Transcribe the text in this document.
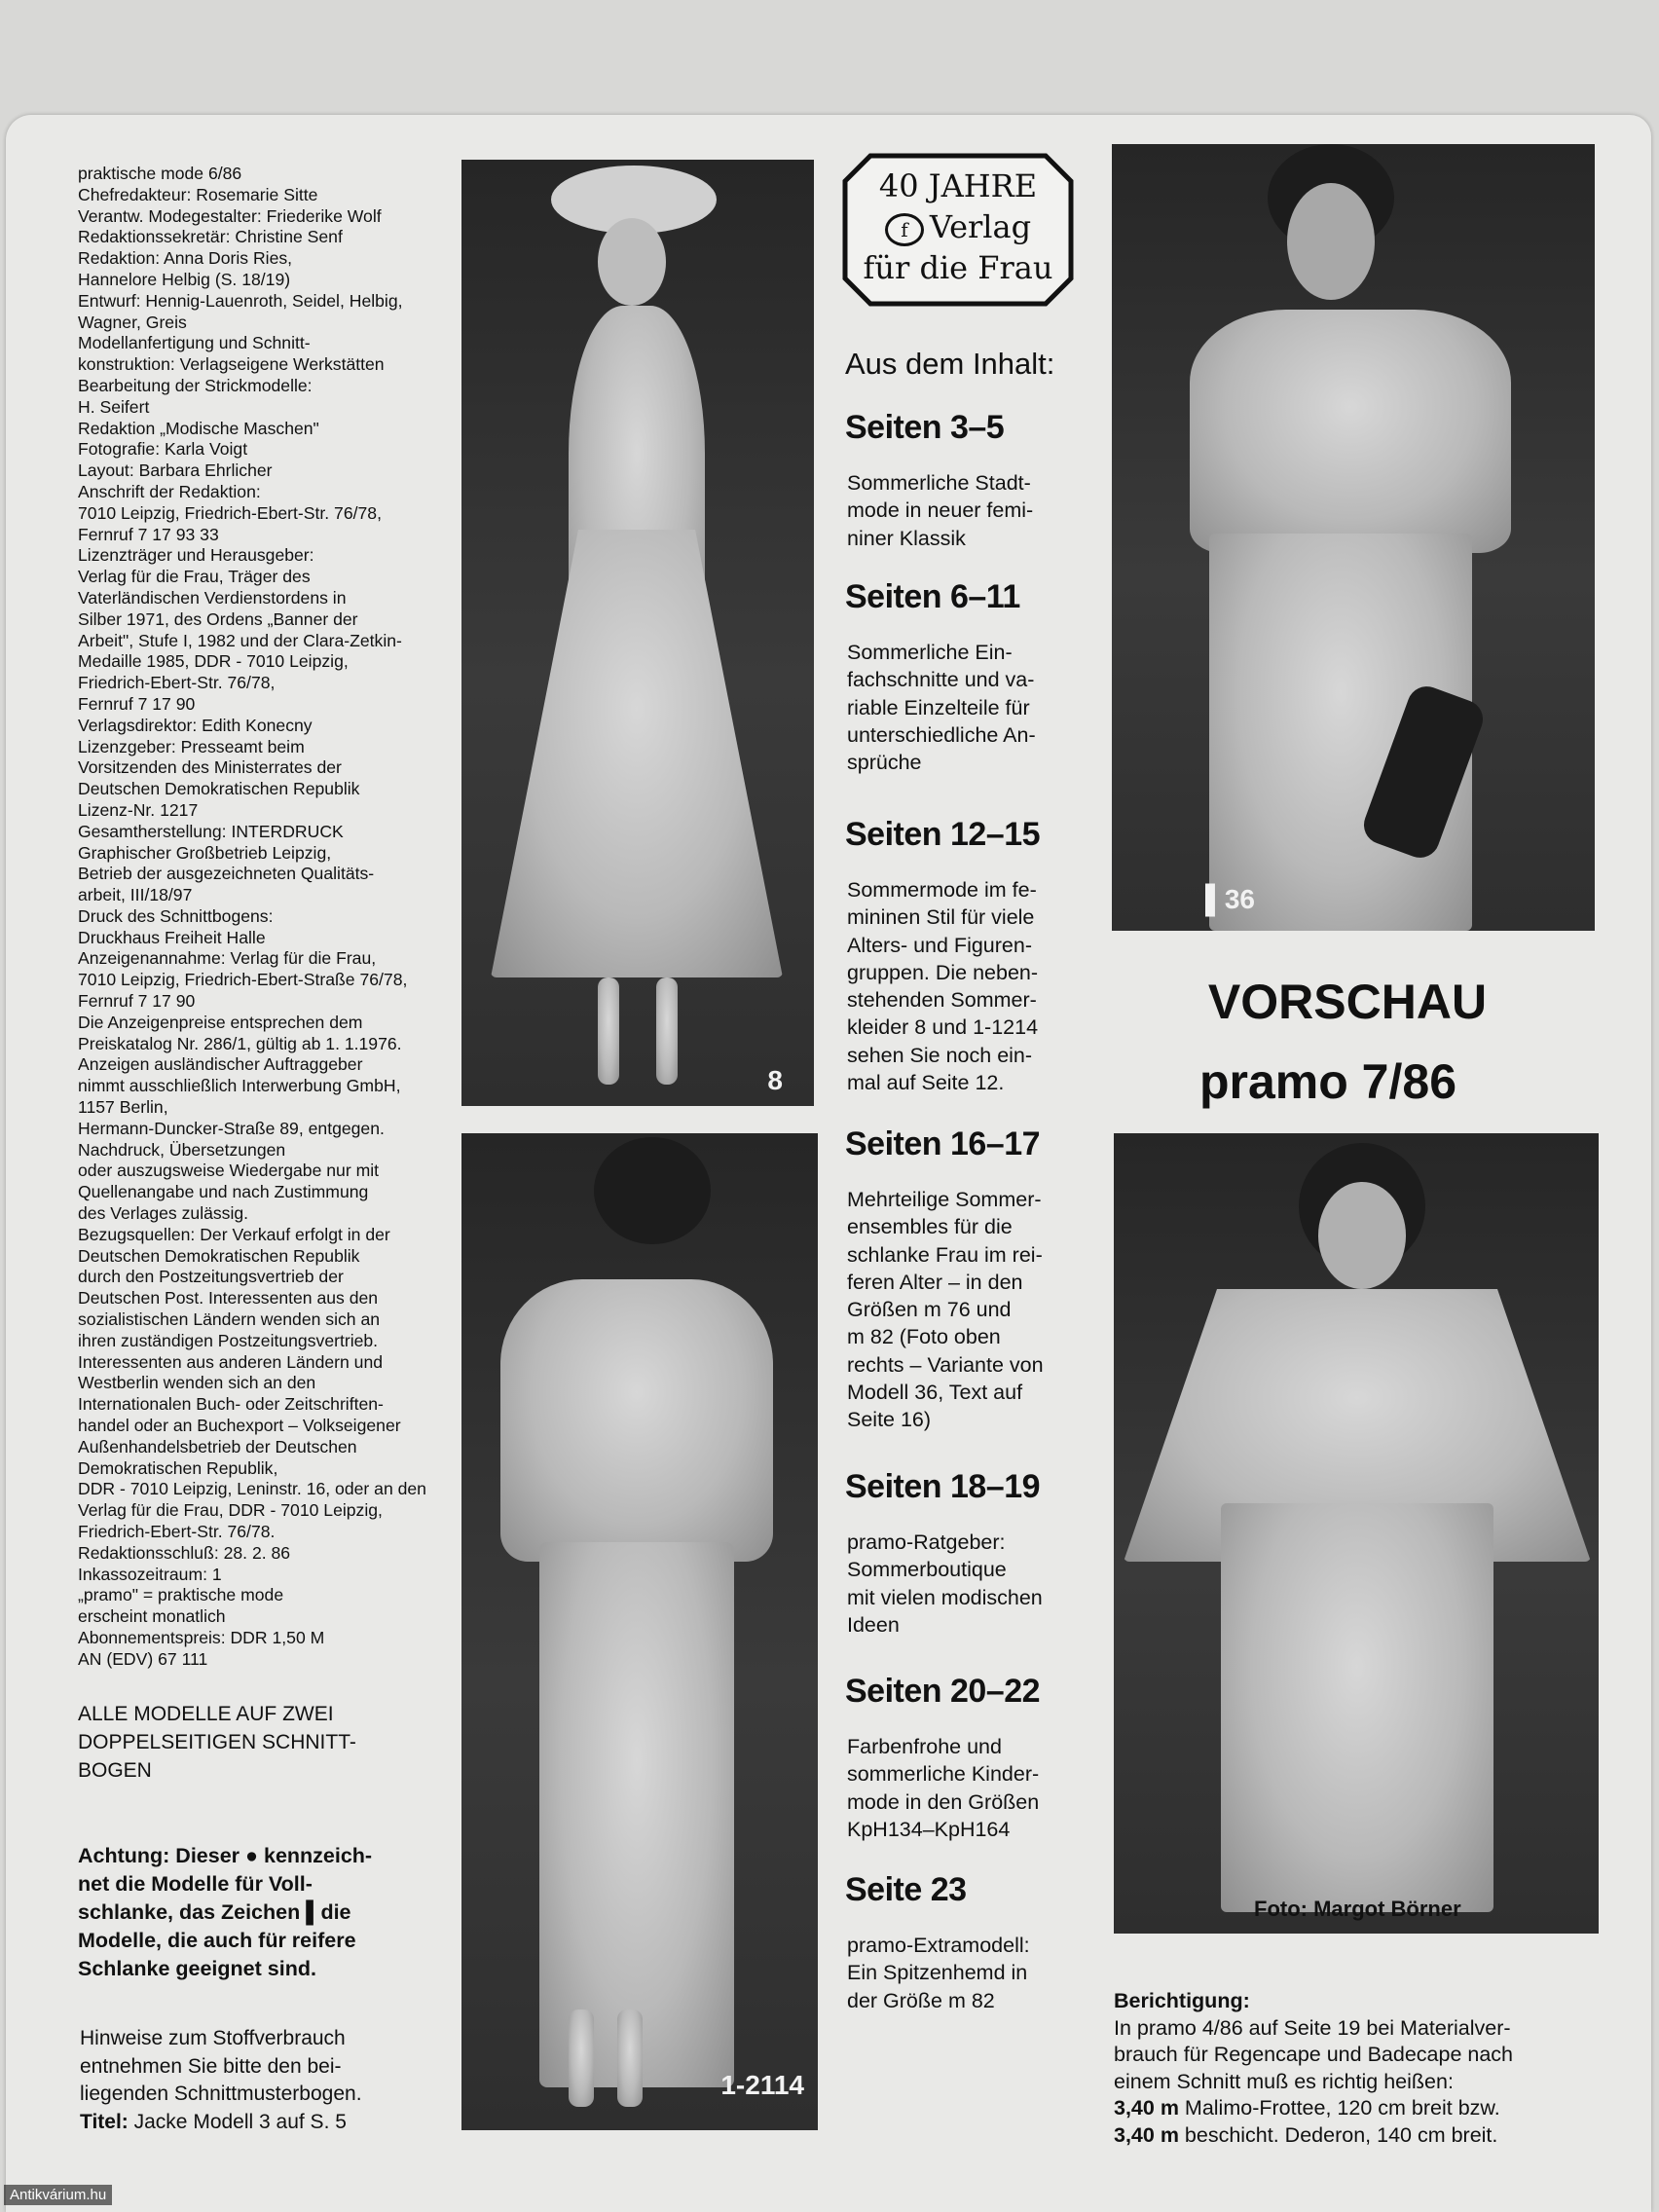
praktische mode 6/86
Chefredakteur: Rosemarie Sitte
Verantw. Modegestalter: Friederike Wolf
Redaktionssekretär: Christine Senf
Redaktion: Anna Doris Ries,
Hannelore Helbig (S. 18/19)
Entwurf: Hennig-Lauenroth, Seidel, Helbig,
Wagner, Greis
Modellanfertigung und Schnitt-
konstruktion: Verlagseigene Werkstätten
Bearbeitung der Strickmodelle:
H. Seifert
Redaktion „Modische Maschen"
Fotografie: Karla Voigt
Layout: Barbara Ehrlicher
Anschrift der Redaktion:
7010 Leipzig, Friedrich-Ebert-Str. 76/78,
Fernruf 7 17 93 33
Lizenzträger und Herausgeber:
Verlag für die Frau, Träger des
Vaterländischen Verdienstordens in
Silber 1971, des Ordens „Banner der
Arbeit", Stufe I, 1982 und der Clara-Zetkin-
Medaille 1985, DDR - 7010 Leipzig,
Friedrich-Ebert-Str. 76/78,
Fernruf 7 17 90
Verlagsdirektor: Edith Konecny
Lizenzgeber: Presseamt beim
Vorsitzenden des Ministerrates der
Deutschen Demokratischen Republik
Lizenz-Nr. 1217
Gesamtherstellung: INTERDRUCK
Graphischer Großbetrieb Leipzig,
Betrieb der ausgezeichneten Qualitäts-
arbeit, III/18/97
Druck des Schnittbogens:
Druckhaus Freiheit Halle
Anzeigenannahme: Verlag für die Frau,
7010 Leipzig, Friedrich-Ebert-Straße 76/78,
Fernruf 7 17 90
Die Anzeigenpreise entsprechen dem
Preiskatalog Nr. 286/1, gültig ab 1. 1.1976.
Anzeigen ausländischer Auftraggeber
nimmt ausschließlich Interwerbung GmbH,
1157 Berlin,
Hermann-Duncker-Straße 89, entgegen.
Nachdruck, Übersetzungen
oder auszugsweise Wiedergabe nur mit
Quellenangabe und nach Zustimmung
des Verlages zulässig.
Bezugsquellen: Der Verkauf erfolgt in der
Deutschen Demokratischen Republik
durch den Postzeitungsvertrieb der
Deutschen Post. Interessenten aus den
sozialistischen Ländern wenden sich an
ihren zuständigen Postzeitungsvertrieb.
Interessenten aus anderen Ländern und
Westberlin wenden sich an den
Internationalen Buch- oder Zeitschriften-
handel oder an Buchexport – Volkseigener
Außenhandelsbetrieb der Deutschen
Demokratischen Republik,
DDR - 7010 Leipzig, Leninstr. 16, oder an den
Verlag für die Frau, DDR - 7010 Leipzig,
Friedrich-Ebert-Str. 76/78.
Redaktionsschluß: 28. 2. 86
Inkassozeitraum: 1
„pramo" = praktische mode
erscheint monatlich
Abonnementspreis: DDR 1,50 M
AN (EDV) 67 111
ALLE MODELLE AUF ZWEI
DOPPELSEITIGEN SCHNITT-
BOGEN
Achtung: Dieser ● kennzeich-
net die Modelle für Voll-
schlanke, das Zeichen ▌die
Modelle, die auch für reifere
Schlanke geeignet sind.
Hinweise zum Stoffverbrauch
entnehmen Sie bitte den bei-
liegenden Schnittmusterbogen.
Titel: Jacke Modell 3 auf S. 5
8
1-2114
40 JAHRE
f Verlag
für die Frau
Aus dem Inhalt:
Seiten 3–5
Sommerliche Stadt-
mode in neuer femi-
niner Klassik
Seiten 6–11
Sommerliche Ein-
fachschnitte und va-
riable Einzelteile für
unterschiedliche An-
sprüche
Seiten 12–15
Sommermode im fe-
mininen Stil für viele
Alters- und Figuren-
gruppen. Die neben-
stehenden Sommer-
kleider 8 und 1-1214
sehen Sie noch ein-
mal auf Seite 12.
Seiten 16–17
Mehrteilige Sommer-
ensembles für die
schlanke Frau im rei-
feren Alter – in den
Größen m 76 und
m 82 (Foto oben
rechts – Variante von
Modell 36, Text auf
Seite 16)
Seiten 18–19
pramo-Ratgeber:
Sommerboutique
mit vielen modischen
Ideen
Seiten 20–22
Farbenfrohe und
sommerliche Kinder-
mode in den Größen
KpH134–KpH164
Seite 23
pramo-Extramodell:
Ein Spitzenhemd in
der Größe m 82
▌36
VORSCHAU
pramo 7/86
Foto: Margot Börner
Berichtigung:
In pramo 4/86 auf Seite 19 bei Materialver-
brauch für Regencape und Badecape nach
einem Schnitt muß es richtig heißen:
3,40 m Malimo-Frottee, 120 cm breit bzw.
3,40 m beschicht. Dederon, 140 cm breit.
Antikvárium.hu
